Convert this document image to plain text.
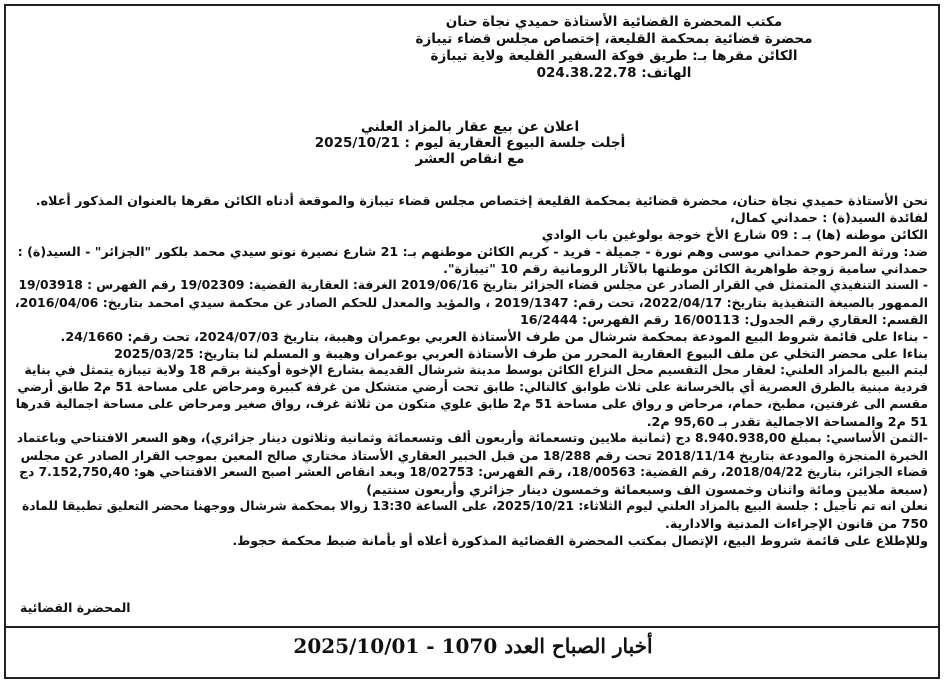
مكتب المحضرة القضائية الأستاذة حميدي نجاة حنان
محضرة قضائية بمحكمة القليعة، إختصاص مجلس قضاء تيبازة
الكائن مقرها بـ: طريق فوكة السفير القليعة ولاية تيبازة
الهاتف: 024.38.22.78
اعلان عن بيع عقار بالمزاد العلني
أجلت جلسة البيوع العقارية ليوم : 2025/10/21
مع انقاص العشر
نحن الأستاذة حميدي نجاة حنان، محضرة قضائية بمحكمة القليعة إختصاص مجلس قضاء تيبازة والموقعة أدناه الكائن مقرها بالعنوان المذكور أعلاه.
لفائدة السيد(ة) : حمداني كمال،
الكائن موطنه (ها) بـ : 09 شارع الأخ خوجة بولوغين باب الوادي
ضد: ورثة المرحوم حمداني موسى وهم نورة - جميلة - فريد - كريم الكائن موطنهم بـ: 21 شارع نصيرة نونو سيدي محمد بلكور "الجزائر" - السيد(ة) :
حمداني سامية زوجة طواهرية الكائن موطنها بالآثار الرومانية رقم 10 "تيبازة".
- السند التنفيذي المتمثل في القرار الصادر عن مجلس قضاء الجزائر بتاريخ 2019/06/16 الغرفة: العقارية القضية: 19/02309 رقم الفهرس : 19/03918
الممهور بالصيغة التنفيذية بتاريخ: 2022/04/17، تحت رقم: 2019/1347 ، والمؤيد والمعدل للحكم الصادر عن محكمة سيدي امحمد بتاريخ: 2016/04/06،
القسم: العقاري رقم الجدول: 16/00113 رقم الفهرس: 16/2444
- بناءا على قائمة شروط البيع المودعة بمحكمة شرشال من طرف الأستاذة العربي بوعمران وهيبة، بتاريخ 2024/07/03، تحت رقم: 24/1660.
بناءا على محضر التخلي عن ملف البيوع العقارية المحرر من طرف الأستاذة العربي بوعمران وهيبة و المسلم لنا بتاريخ: 2025/03/25
ليتم البيع بالمزاد العلني: لعقار محل التقسيم محل النزاع الكائن بوسط مدينة شرشال القديمة بشارع الإخوة أوكينة برقم 18 ولاية تيبازة يتمثل في بناية
فردية مبنية بالطرق العصرية أي بالخرسانة على ثلاث طوابق كالتالي: طابق تحت أرضي متشكل من غرفة كبيرة ومرحاض على مساحة 51 م2 طابق أرضي
مقسم الى غرفتين، مطبخ، حمام، مرحاض و رواق على مساحة 51 م2 طابق علوي متكون من ثلاثة غرف، رواق صغير ومرحاض على مساحة اجمالية قدرها
51 م2 والمساحة الاجمالية تقدر بـ 95,60 م2.
-الثمن الأساسي: بمبلغ 8.940.938,00 دج (ثمانية ملايين وتسعمائة وأربعون ألف وتسعمائة وثمانية وثلاثون دينار جزائري)، وهو السعر الافتتاحي وباعتماد
الخبرة المنجزة والمودعة بتاريخ 2018/11/14 تحت رقم 18/288 من قبل الخبير العقاري الأستاذ مختاري صالح المعين بموجب القرار الصادر عن مجلس
قضاء الجزائر، بتاريخ 2018/04/22، رقم القضية: 18/00563، رقم الفهرس: 18/02753 وبعد انقاص العشر اصبح السعر الافتتاحي هو: 7.152,750,40 دج
(سبعة ملايين ومائة واثنان وخمسون الف وسبعمائة وخمسون دينار جزائري وأربعون سنتيم)
نعلن انه تم تأجيل : جلسة البيع بالمزاد العلني ليوم الثلاثاء: 2025/10/21، على الساعة 13:30 زوالا بمحكمة شرشال ووجهنا محضر التعليق تطبيقا للمادة
750 من قانون الإجراءات المدنية والادارية.
وللإطلاع على قائمة شروط البيع، الإتصال بمكتب المحضرة القضائية المذكورة أعلاه أو بأمانة ضبط محكمة حجوط.
المحضرة القضائية
أخبار الصباح العدد 1070 - 2025/10/01
